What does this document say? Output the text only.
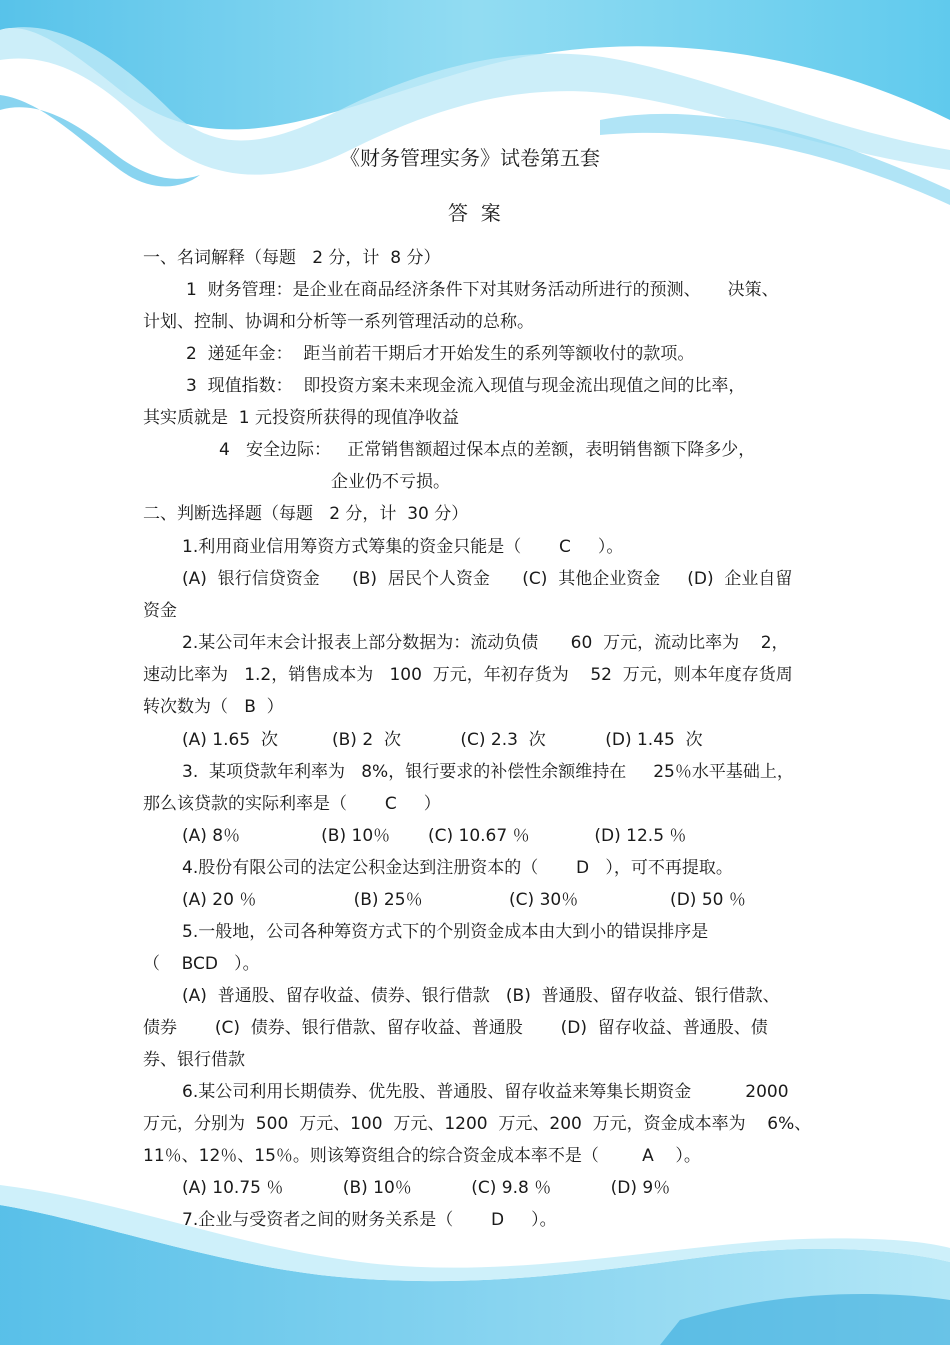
《财务管理实务》试卷第五套
答  案
一、名词解释（每题   2 分，计  8 分）
1  财务管理：是企业在商品经济条件下对其财务活动所进行的预测、     决策、
计划、控制、协调和分析等一系列管理活动的总称。
2  递延年金：  距当前若干期后才开始发生的系列等额收付的款项。
3  现值指数：  即投资方案未来现金流入现值与现金流出现值之间的比率，
其实质就是  1 元投资所获得的现值净收益
4   安全边际：   正常销售额超过保本点的差额，表明销售额下降多少，
企业仍不亏损。
二、判断选择题（每题   2 分，计  30 分）
1.利用商业信用筹资方式筹集的资金只能是（       C     ）。
(A)  银行信贷资金      (B)  居民个人资金      (C)  其他企业资金     (D)  企业自留
资金
2.某公司年末会计报表上部分数据为：流动负债      60  万元，流动比率为    2，
速动比率为   1.2，销售成本为   100  万元，年初存货为    52  万元，则本年度存货周
转次数为（   B  ）
(A) 1.65  次          (B) 2  次           (C) 2.3  次           (D) 1.45  次
3.  某项贷款年利率为   8%，银行要求的补偿性余额维持在     25％水平基础上，
那么该贷款的实际利率是（       C     ）
(A) 8％               (B) 10％       (C) 10.67 ％            (D) 12.5 ％
4.股份有限公司的法定公积金达到注册资本的（       D   ），可不再提取。
(A) 20 ％                  (B) 25％                (C) 30％                 (D) 50 ％
5.一般地，公司各种筹资方式下的个别资金成本由大到小的错误排序是
（    BCD   ）。
(A)  普通股、留存收益、债券、银行借款   (B)  普通股、留存收益、银行借款、
债券       (C)  债券、银行借款、留存收益、普通股       (D)  留存收益、普通股、债
券、银行借款
6.某公司利用长期债券、优先股、普通股、留存收益来筹集长期资金          2000
万元，分别为  500  万元、100  万元、1200  万元、200  万元，资金成本率为    6%、
11％、12％、15％。则该筹资组合的综合资金成本率不是（        A    ）。
(A) 10.75 ％           (B) 10％           (C) 9.8 ％           (D) 9％
7.企业与受资者之间的财务关系是（       D     ）。
